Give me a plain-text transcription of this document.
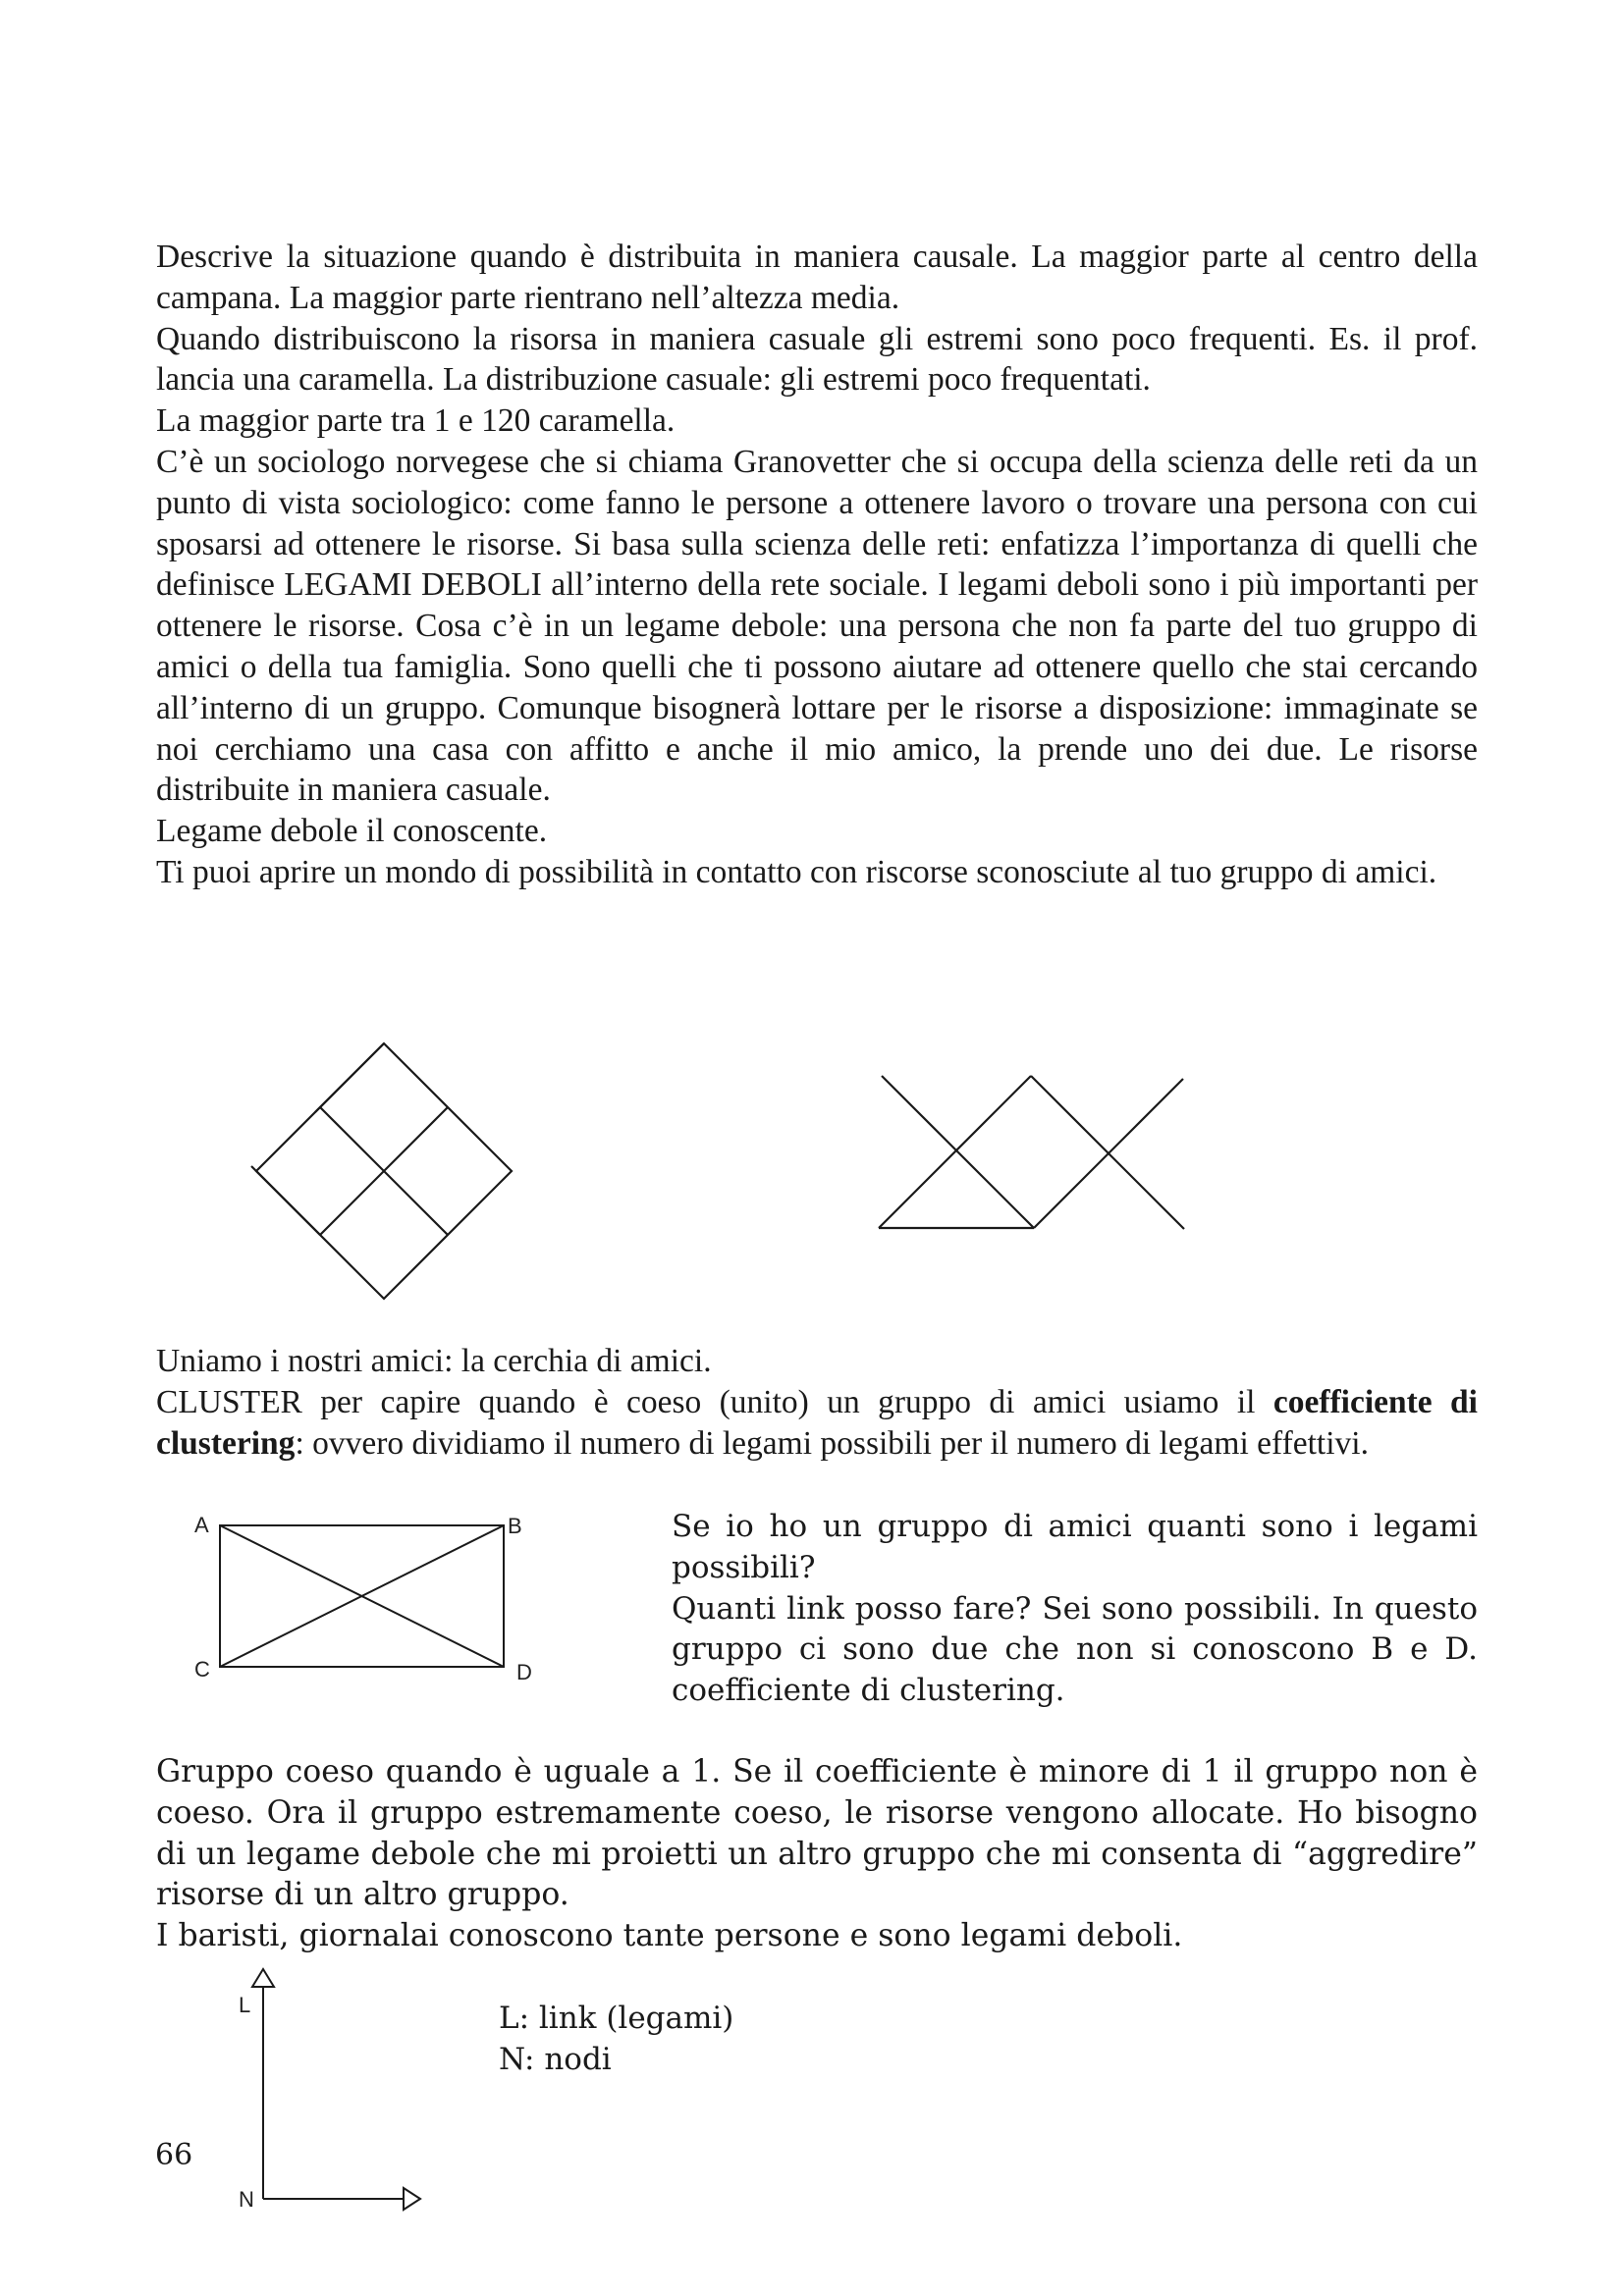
Descrive la situazione quando è distribuita in maniera causale. La maggior parte al centro della campana. La maggior parte rientrano nell’altezza media.

Quando distribuiscono la risorsa in maniera casuale gli estremi sono poco frequenti. Es. il prof. lancia una caramella. La distribuzione casuale: gli estremi poco frequentati.

La maggior parte tra 1 e 120 caramella.

C’è un sociologo norvegese che si chiama Granovetter che si occupa della scienza delle reti da un punto di vista sociologico: come fanno le persone a ottenere lavoro o trovare una persona con cui sposarsi ad ottenere le risorse. Si basa sulla scienza delle reti: enfatizza l’importanza di quelli che definisce LEGAMI DEBOLI all’interno della rete sociale. I legami deboli sono i più importanti per ottenere le risorse. Cosa c’è in un legame debole: una persona che non fa parte del tuo gruppo di amici o della tua famiglia. Sono quelli che ti possono aiutare ad ottenere quello che stai cercando all’interno di un gruppo. Comunque bisognerà lottare per le risorse a disposizione: immaginate se noi cerchiamo una casa con affitto e anche il mio amico, la prende uno dei due. Le risorse distribuite in maniera casuale.

Legame debole il conoscente.

Ti puoi aprire un mondo di possibilità in contatto con riscorse sconosciute al tuo gruppo di amici.

A	B
C	D
L
N

Uniamo i nostri amici: la cerchia di amici.

CLUSTER per capire quando è coeso (unito) un gruppo di amici usiamo il coefficiente di clustering: ovvero dividiamo il numero di legami possibili per il numero di legami effettivi.

Se io ho un gruppo di amici quanti sono i legami possibili?

Quanti link posso fare? Sei sono possibili. In questo gruppo ci sono due che non si conoscono B e D. coefficiente di clustering.

Gruppo coeso quando è uguale a 1. Se il coefficiente è minore di 1 il gruppo non è coeso. Ora il gruppo estremamente coeso, le risorse vengono allocate. Ho bisogno di un legame debole che mi proietti un altro gruppo che mi consenta di “aggredire” risorse di un altro gruppo.

I baristi, giornalai conoscono tante persone e sono legami deboli.

L: link (legami)

N: nodi

66
